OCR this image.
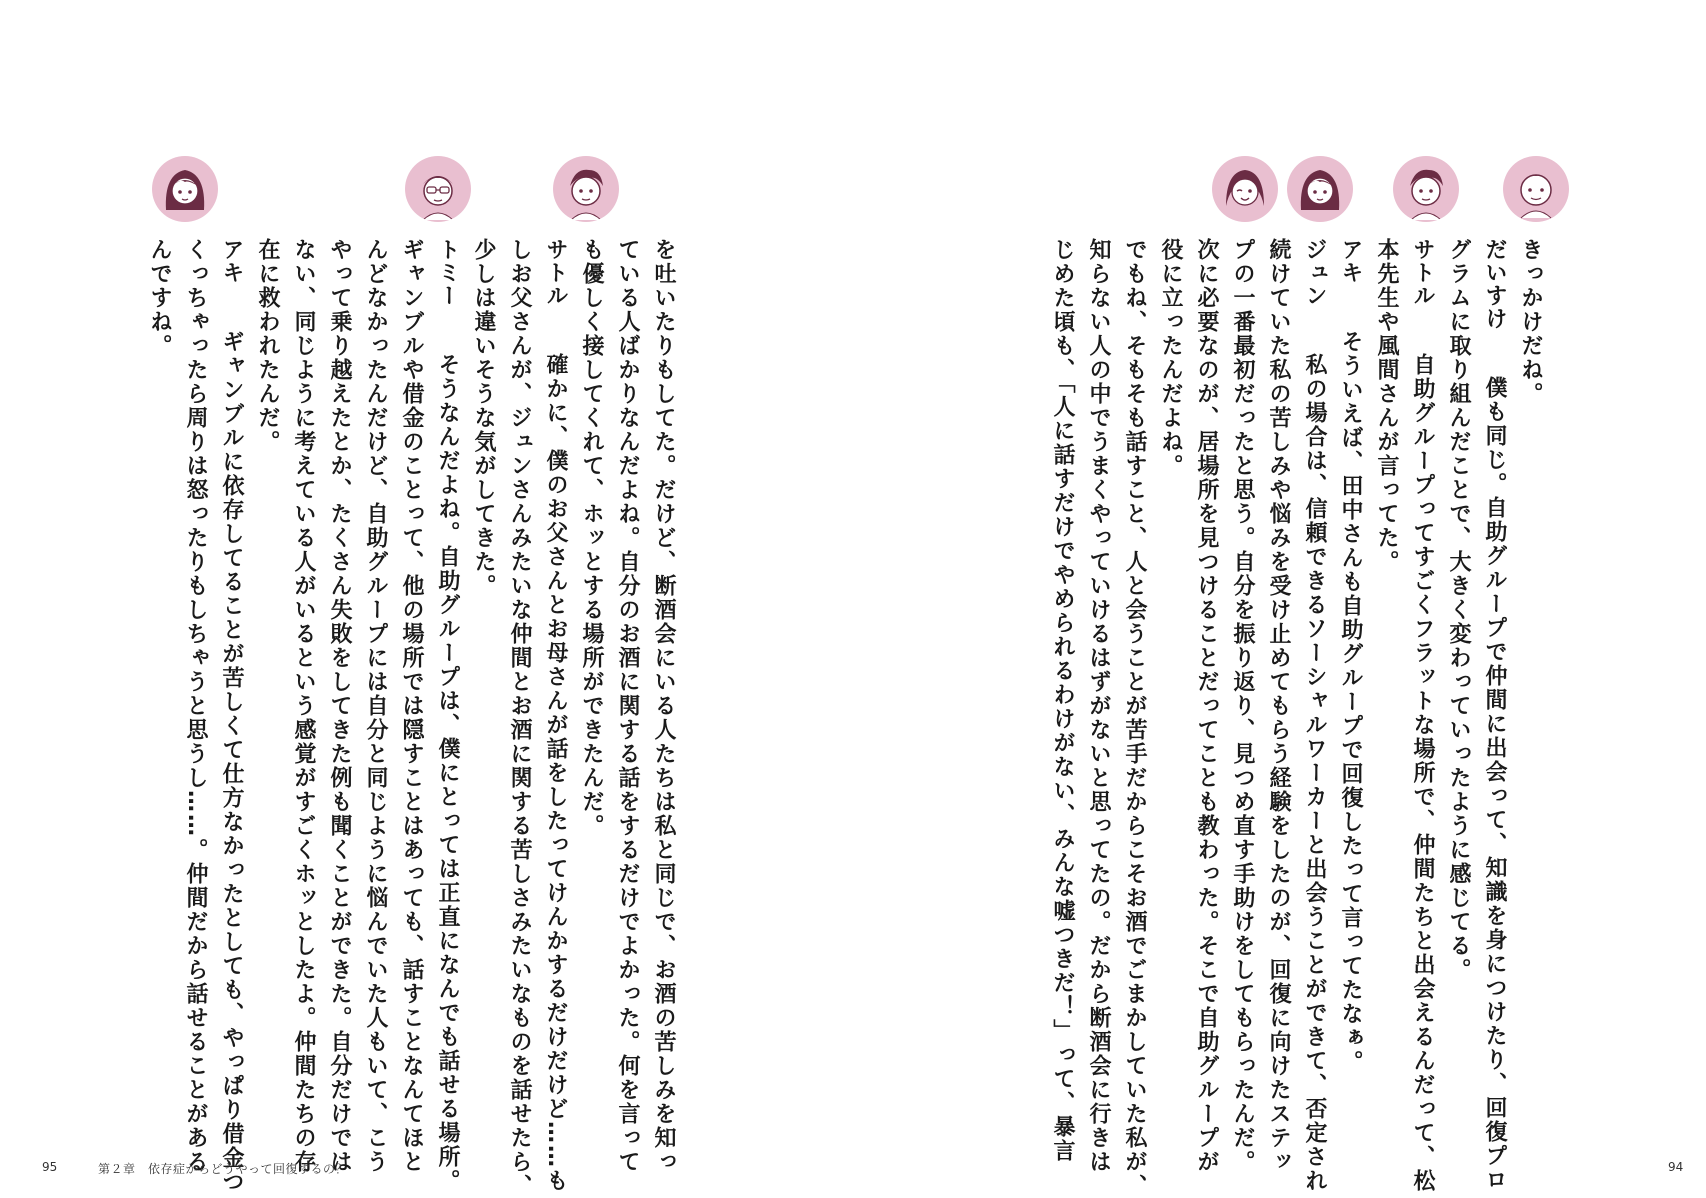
きっかけだね。
だいすけ　僕も同じ。自助グループで仲間に出会って、知識を身につけたり、回復プロ
グラムに取り組んだことで、大きく変わっていったように感じてる。
サトル　自助グループってすごくフラットな場所で、仲間たちと出会えるんだって、松
本先生や風間さんが言ってた。
アキ　そういえば、田中さんも自助グループで回復したって言ってたなぁ。
ジュン　私の場合は、信頼できるソーシャルワーカーと出会うことができて、否定され
続けていた私の苦しみや悩みを受け止めてもらう経験をしたのが、回復に向けたステッ
プの一番最初だったと思う。自分を振り返り、見つめ直す手助けをしてもらったんだ。
次に必要なのが、居場所を見つけることだってことも教わった。そこで自助グループが
役に立ったんだよね。
でもね、そもそも話すこと、人と会うことが苦手だからこそお酒でごまかしていた私が、
知らない人の中でうまくやっていけるはずがないと思ってたの。だから断酒会に行きは
じめた頃も、「人に話すだけでやめられるわけがない、みんな嘘つきだ！」って、暴言

94

を吐いたりもしてた。だけど、断酒会にいる人たちは私と同じで、お酒の苦しみを知っ
ている人ばかりなんだよね。自分のお酒に関する話をするだけでよかった。何を言って
も優しく接してくれて、ホッとする場所ができたんだ。
サトル　確かに、僕のお父さんとお母さんが話をしたってけんかするだけだけど……も
しお父さんが、ジュンさんみたいな仲間とお酒に関する苦しさみたいなものを話せたら、
少しは違いそうな気がしてきた。
トミー　そうなんだよね。自助グループは、僕にとっては正直になんでも話せる場所。
ギャンブルや借金のことって、他の場所では隠すことはあっても、話すことなんてほと
んどなかったんだけど、自助グループには自分と同じように悩んでいた人もいて、こう
やって乗り越えたとか、たくさん失敗をしてきた例も聞くことができた。自分だけでは
ない、同じように考えている人がいるという感覚がすごくホッとしたよ。仲間たちの存
在に救われたんだ。
アキ　ギャンブルに依存してることが苦しくて仕方なかったとしても、やっぱり借金つ
くっちゃったら周りは怒ったりもしちゃうと思うし……。仲間だから話せることがある
んですね。

95	第２章　依存症からどうやって回復するの？
